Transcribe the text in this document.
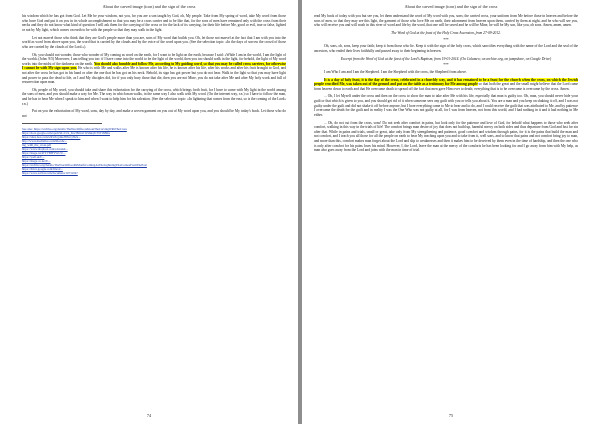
About the carved image (icon) and the sign of the cross

his wisdom which he has got from God. Let Me be your wisdom, not you, for you are a son taught by God, oh, My people. Take from My spring of word, take My word from those who have God and put it on you in its whole accomplishment so that you may be a cross carrier and to be like that, for the sons of men have remained only with the cross from their necks and they do not know what kind of question I will ask them for the carrying of the cross or for the lack of its carrying, for their life before Me, good or evil, true or false, lighted or not by My light, which comes on earth to be with the people so that they may walk in the light.

Let not marvel those who think that they are God's people more than you are, sons of My word that builds you. Oh, let those not marvel at the fact that I am with you into the world as word from above upon you, the word that is carried by the clouds and by the voice of the word upon you. (See the selection topic: «In the days of sorrow the crowd of those who are carried by the clouds of the Lord.»).

Oh, you should not wonder, those who wonder of My coming as word on the earth, for I want to be light on the earth, because I said: «While I am in the world, I am the light of the world» (John: 9/5) Moreover, I am telling you too: if I have come into the world to be the light of the world, then you too should walk in the light, for behold, the light of My word works into the midst of the darkness on the earth. You should also humble and follow Me, according to My guiding word, so that you may be called cross carriers, for otherwise I cannot be with My sign upon you. He who is with Me and walks after Me is known after his life, he is known after his life, after his works and after his fruit brought to God, and not after the cross he has got in his hand or after the one that he has got on his neck. Behold, its sign has got power but you do not hear. Walk in the light so that you may have light and power to pass the dead to life, as I and My disciples did, for if you only bury those that die, then you are not Mine, you do not take after Me and after My holy work and full of resurrection upon man.

Oh, people of My word, you should take and share this exhortation for the carrying of the cross, which brings forth fruit, for I have to come with My light in the world among the sons of men, and you should make a way for Me. The way in which man walks, in the same way I also walk with My word. (On the internet way, r.n.) so I have to follow the man, and he has to hear Me when I speak to him and when I want to help him for his salvation. (See the selection topic: «In lightning that comes from the east, so is the coming of the Lord» r.n.)

Put on you the exhortation of My word, sons, day by day, and make a woven garment on you out of My word upon you, and you should be My today's book. Let those who do not

See also: https://archive.org/details/TheWordOfGodAboutTheCarvingWithTheCross
https://docs.google.com/open?id=1Ux_Kw382xx1WxhkqTc35TfSBKs
https://sites.box.com/s/RvrUgd4eJS8wvjJb2s...
http://www.mediafire.com/file/ehc...
ing_with_the_cross.pdf
https://www.dropbox.com/s/kwsk0...
https://mega.nz/#!YVBHYWCS!...
https://yadi.sk/i/...
https://mega.co.nz/#!...
https://archive.org/details/TheWordOfGodInMotifsComingAsTheLightningThatComesFromTheEast
https://drive.google.com/file/d/...
https://www.scribd.com/document/19731047
74
About the carved image (icon) and the sign of the cross

read My book of today with you but see you, let them understand the word of My word with you, sons; the carried cross, your uniform from Me before those in heaven and before the sons of men, so that they may see this light, the garment of those who love Me on earth, their adornment from heaven upon them, carried by them at night, and he who will see you, who will receive you and will wash in this river of word and life by the word, that one will be saved and he will be Mine, he will be My son, like you, oh sons. Amen, amen, amen.

The Word of God at the feast of the Holy Cross Ascension, from 27-09-2012.

***

Oh, sons, oh, sons, keep your faith; keep it from those who lie. Keep it with the sign of the holy cross, which sanctifies everything with the name of the Lord and the seal of the ancestors, who ended their lives faithfully and passed away to their beginning in heaven.

Excerpt from the Word of God at the feast of the Lord's Baptism, from 19-01-2014. (On Calameo; on archive.org, on jumpshare, on Google Drive)

***

I am Who I am and I am the Shepherd. I am the Shepherd with the cross, the Shepherd from above.

It is a day of holy feast, it is the day of the cross, celebrated in a churchly way, and it has remained to be a feast for the church when the cross, on which the Jewish people crucified Me, was taken out of the ground and put on the table as a testimony for Me among people so that both the great and the small might believe that the Lord came from heaven down to earth and that He overcame death to spread off the fact that men gave Him over to death; everything that is to be overcame is overcame by the cross. Amen.

... Oh, I let Myself under the cross and then on the cross to show the man to take after Me with his life, especially that man is guilty too. Oh, man, you should never hide your guilt or that which is given to you, and you should get rid of it when someone sees any guilt with you or tells you about it. You are a man and you keep on shaking it off, and I was not guilty under the guilt and did not shake it off before anyone, but I bore everything came to Me to bear and to do, and I could receive the guilt that was attributed to Me, and by patience I overcame the death for the guilt and in reality I was the One Who was not guilty at all, for I was from heaven, not from this world, and I had nothing in it and it had nothing in Me either.

... Oh, do not cut from the cross, sons! Do not seek after comfort in pains, but look only for the patience and love of God, for behold what happens to those who seek after comfort, walking in this way in the trials of life! The comfort brings man desire of joy that does not build up, harmful mercy on both sides and thus departure from God and lust for sin after that. While in pains and trials, small or great, take only from My strengthening and patience, good comfort and wisdom through pains, for it is the pains that build the man and not comfort, and I teach you all those for all the people on earth to bear My teaching upon you and to take from it, well sons, and to know that pains and not comfort bring joy to man, and more than this, comfort makes man forget about the Lord and slip to weaknesses and then it makes him to be deceived by them even in the time of hardship, and then the one who is only after comfort for his pains loses his mind. However, I, the Lord, leave the man at the mercy of the comforts he has been looking for and I go away from him with My help, as man also goes away from the Lord and joins with the man in time of trial.

75
